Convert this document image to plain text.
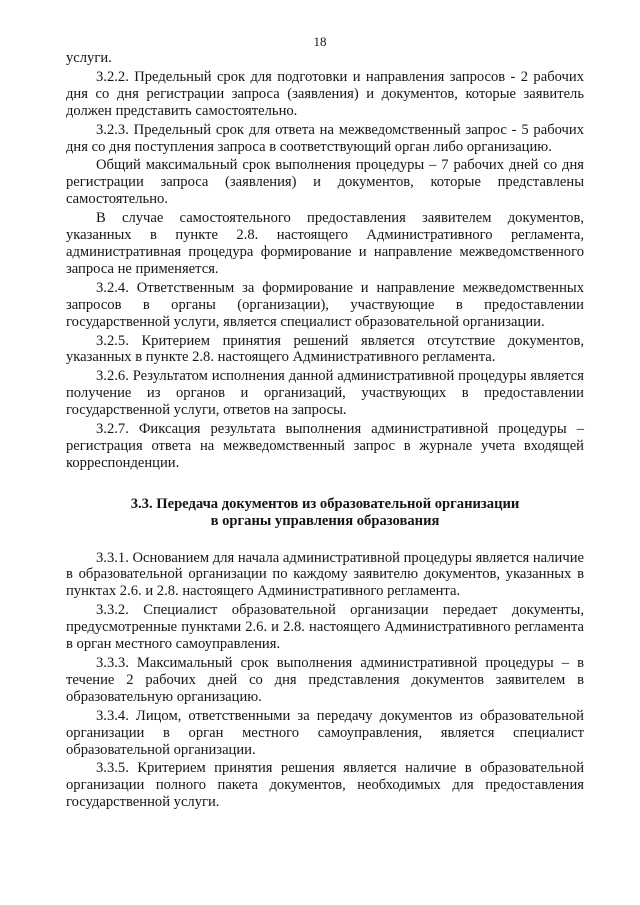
18

услуги.

3.2.2. Предельный срок для подготовки и направления запросов - 2 рабочих дня со дня регистрации запроса (заявления) и документов, которые заявитель должен представить самостоятельно.

3.2.3. Предельный срок для ответа на межведомственный запрос - 5 рабочих дня со дня поступления запроса в соответствующий орган либо организацию.

Общий максимальный срок выполнения процедуры – 7 рабочих дней со дня регистрации запроса (заявления) и документов, которые представлены самостоятельно.

В случае самостоятельного предоставления заявителем документов, указанных в пункте 2.8. настоящего Административного регламента, административная процедура формирование и направление межведомственного запроса не применяется.

3.2.4. Ответственным за формирование и направление межведомственных запросов в органы (организации), участвующие в предоставлении государственной услуги, является специалист образовательной организации.

3.2.5. Критерием принятия решений является отсутствие документов, указанных в пункте 2.8. настоящего Административного регламента.

3.2.6. Результатом исполнения данной административной процедуры является получение из органов и организаций, участвующих в предоставлении государственной услуги, ответов на запросы.

3.2.7. Фиксация результата выполнения административной процедуры – регистрация ответа на межведомственный запрос в журнале учета входящей корреспонденции.

3.3. Передача документов из образовательной организации
в органы управления образования

3.3.1. Основанием для начала административной процедуры является наличие в образовательной организации по каждому заявителю документов, указанных в пунктах 2.6. и 2.8. настоящего Административного регламента.

3.3.2. Специалист образовательной организации передает документы, предусмотренные пунктами 2.6. и 2.8. настоящего Административного регламента в орган местного самоуправления.

3.3.3. Максимальный срок выполнения административной процедуры – в течение 2 рабочих дней со дня представления документов заявителем в образовательную организацию.

3.3.4. Лицом, ответственными за передачу документов из образовательной организации в орган местного самоуправления, является специалист образовательной организации.

3.3.5. Критерием принятия решения является наличие в образовательной организации полного пакета документов, необходимых для предоставления государственной услуги.
